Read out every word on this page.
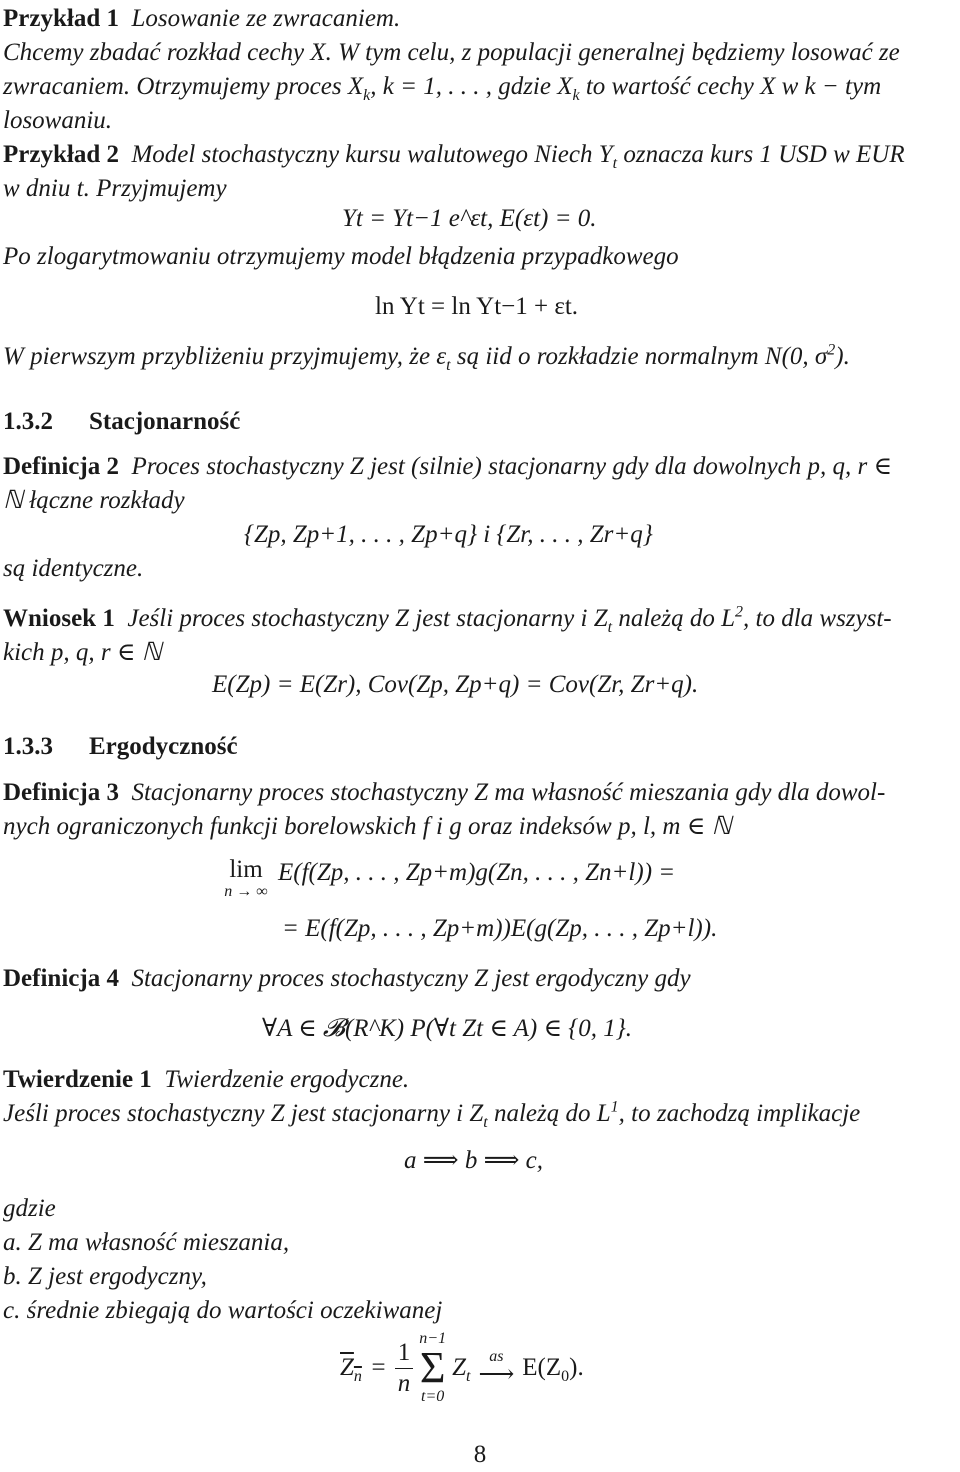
Przykład 1 Losowanie ze zwracaniem.
Chcemy zbadać rozkład cechy X. W tym celu, z populacji generalnej będziemy losować ze
zwracaniem. Otrzymujemy proces $X_k$, k = 1, . . . , gdzie $X_k$ to wartość cechy X w k − tym
losowaniu.
Przykład 2 Model stochastyczny kursu walutowego Niech $Y_t$ oznacza kurs 1 USD w EUR
w dniu t. Przyjmujemy
Yt = Yt−1 e^εt, E(εt) = 0.
Po zlogarytmowaniu otrzymujemy model błądzenia przypadkowego
ln Yt = ln Yt−1 + εt.
W pierwszym przybliżeniu przyjmujemy, że $\varepsilon_t$ są iid o rozkładzie normalnym N(0, $\sigma^2$).
1.3.2 Stacjonarność
Definicja 2 Proces stochastyczny Z jest (silnie) stacjonarny gdy dla dowolnych p, q, r ∈
ℕ łączne rozkłady
{Zp, Zp+1, . . . , Zp+q} i {Zr, . . . , Zr+q}
są identyczne.
Wniosek 1 Jeśli proces stochastyczny Z jest stacjonarny i $Z_t$ należą do $L^2$, to dla wszyst-
kich p, q, r ∈ ℕ
E(Zp) = E(Zr), Cov(Zp, Zp+q) = Cov(Zr, Zr+q).
1.3.3 Ergodyczność
Definicja 3 Stacjonarny proces stochastyczny Z ma własność mieszania gdy dla dowol-
nych ograniczonych funkcji borelowskich f i g oraz indeksów p, l, m ∈ ℕ
lim
n → ∞
E(f(Zp, . . . , Zp+m)g(Zn, . . . , Zn+l)) =
= E(f(Zp, . . . , Zp+m))E(g(Zp, . . . , Zp+l)).
Definicja 4 Stacjonarny proces stochastyczny Z jest ergodyczny gdy
∀A ∈ 𝓑(R^K) P(∀t Zt ∈ A) ∈ {0, 1}.
Twierdzenie 1 Twierdzenie ergodyczne.
Jeśli proces stochastyczny Z jest stacjonarny i $Z_t$ należą do $L^1$, to zachodzą implikacje
a ⟹ b ⟹ c,
gdzie
a. Z ma własność mieszania,
b. Z jest ergodyczny,
c. średnie zbiegają do wartości oczekiwanej
$Z_n = \frac{1}{n} n-1$
Σ
t=0
$Z_t$
as
⟶ $E(Z_0)$.
8
